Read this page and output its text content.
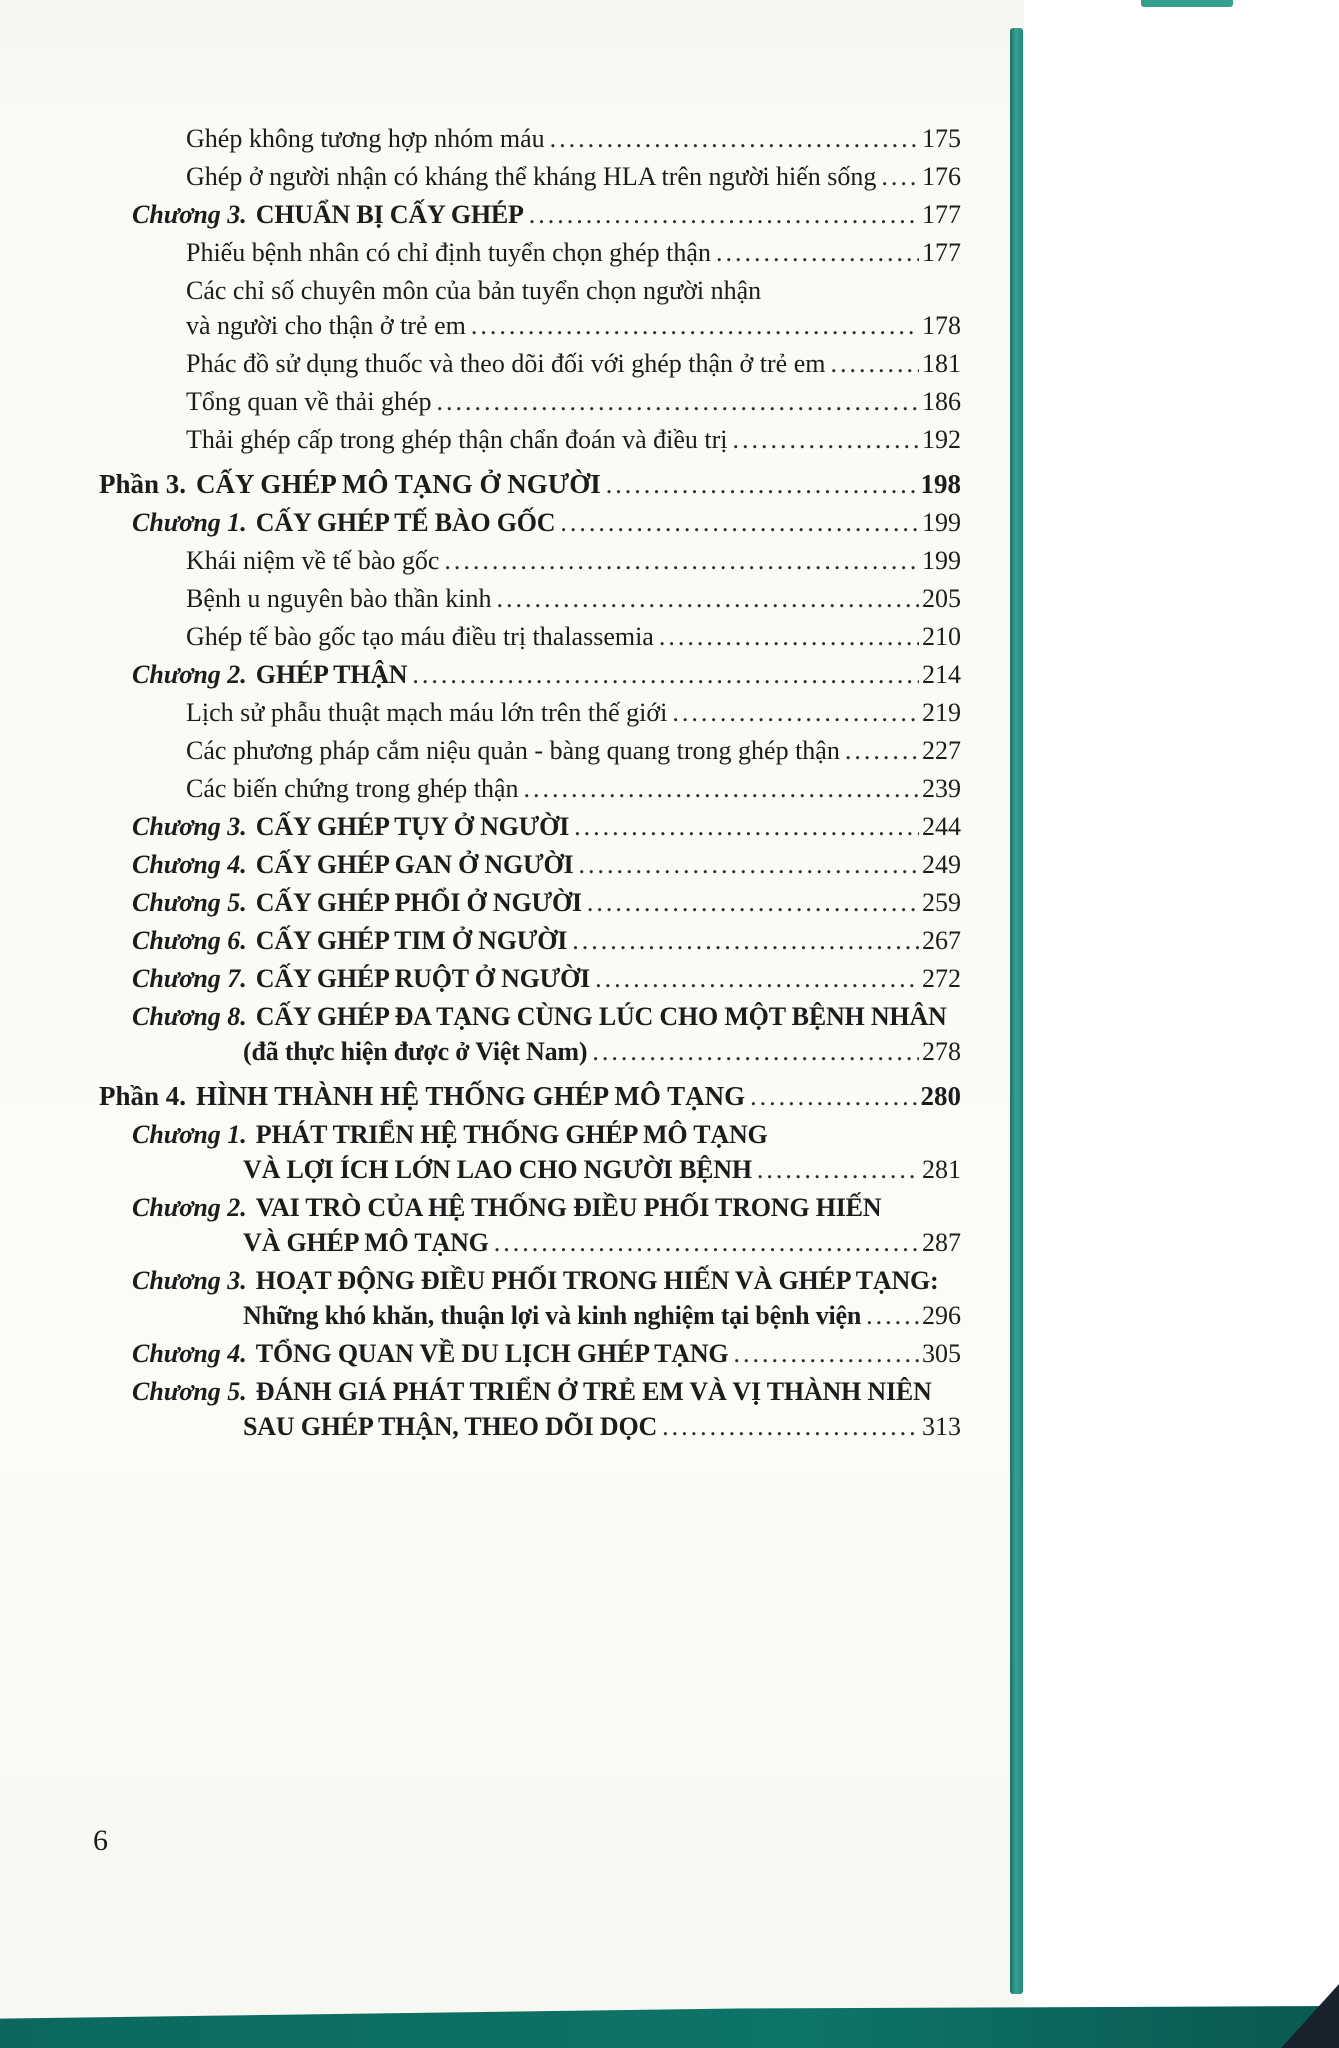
Ghép không tương hợp nhóm máu .....	175
Ghép ở người nhận có kháng thể kháng HLA trên người hiến sống ..... 176
Chương 3. CHUẨN BỊ CẤY GHÉP .....	177
Phiếu bệnh nhân có chỉ định tuyển chọn ghép thận .....	177
Các chỉ số chuyên môn của bản tuyển chọn người nhận
và người cho thận ở trẻ em .....	178
Phác đồ sử dụng thuốc và theo dõi đối với ghép thận ở trẻ em .....	181
Tổng quan về thải ghép .....	186
Thải ghép cấp trong ghép thận chẩn đoán và điều trị .....	192
Phần 3. CẤY GHÉP MÔ TẠNG Ở NGƯỜI .....	198
Chương 1. CẤY GHÉP TẾ BÀO GỐC .....	199
Khái niệm về tế bào gốc .....	199
Bệnh u nguyên bào thần kinh .....	205
Ghép tế bào gốc tạo máu điều trị thalassemia .....	210
Chương 2. GHÉP THẬN .....	214
Lịch sử phẫu thuật mạch máu lớn trên thế giới .....	219
Các phương pháp cắm niệu quản - bàng quang trong ghép thận .....	227
Các biến chứng trong ghép thận .....	239
Chương 3. CẤY GHÉP TỤY Ở NGƯỜI .....	244
Chương 4. CẤY GHÉP GAN Ở NGƯỜI .....	249
Chương 5. CẤY GHÉP PHỔI Ở NGƯỜI .....	259
Chương 6. CẤY GHÉP TIM Ở NGƯỜI .....	267
Chương 7. CẤY GHÉP RUỘT Ở NGƯỜI .....	272
Chương 8. CẤY GHÉP ĐA TẠNG CÙNG LÚC CHO MỘT BỆNH NHÂN
(đã thực hiện được ở Việt Nam) .....	278
Phần 4. HÌNH THÀNH HỆ THỐNG GHÉP MÔ TẠNG .....	280
Chương 1. PHÁT TRIỂN HỆ THỐNG GHÉP MÔ TẠNG
VÀ LỢI ÍCH LỚN LAO CHO NGƯỜI BỆNH .....	281
Chương 2. VAI TRÒ CỦA HỆ THỐNG ĐIỀU PHỐI TRONG HIẾN
VÀ GHÉP MÔ TẠNG .....	287
Chương 3. HOẠT ĐỘNG ĐIỀU PHỐI TRONG HIẾN VÀ GHÉP TẠNG:
Những khó khăn, thuận lợi và kinh nghiệm tại bệnh viện ..... 296
Chương 4. TỔNG QUAN VỀ DU LỊCH GHÉP TẠNG .....	305
Chương 5. ĐÁNH GIÁ PHÁT TRIỂN Ở TRẺ EM VÀ VỊ THÀNH NIÊN
SAU GHÉP THẬN, THEO DÕI DỌC .....	313
6
